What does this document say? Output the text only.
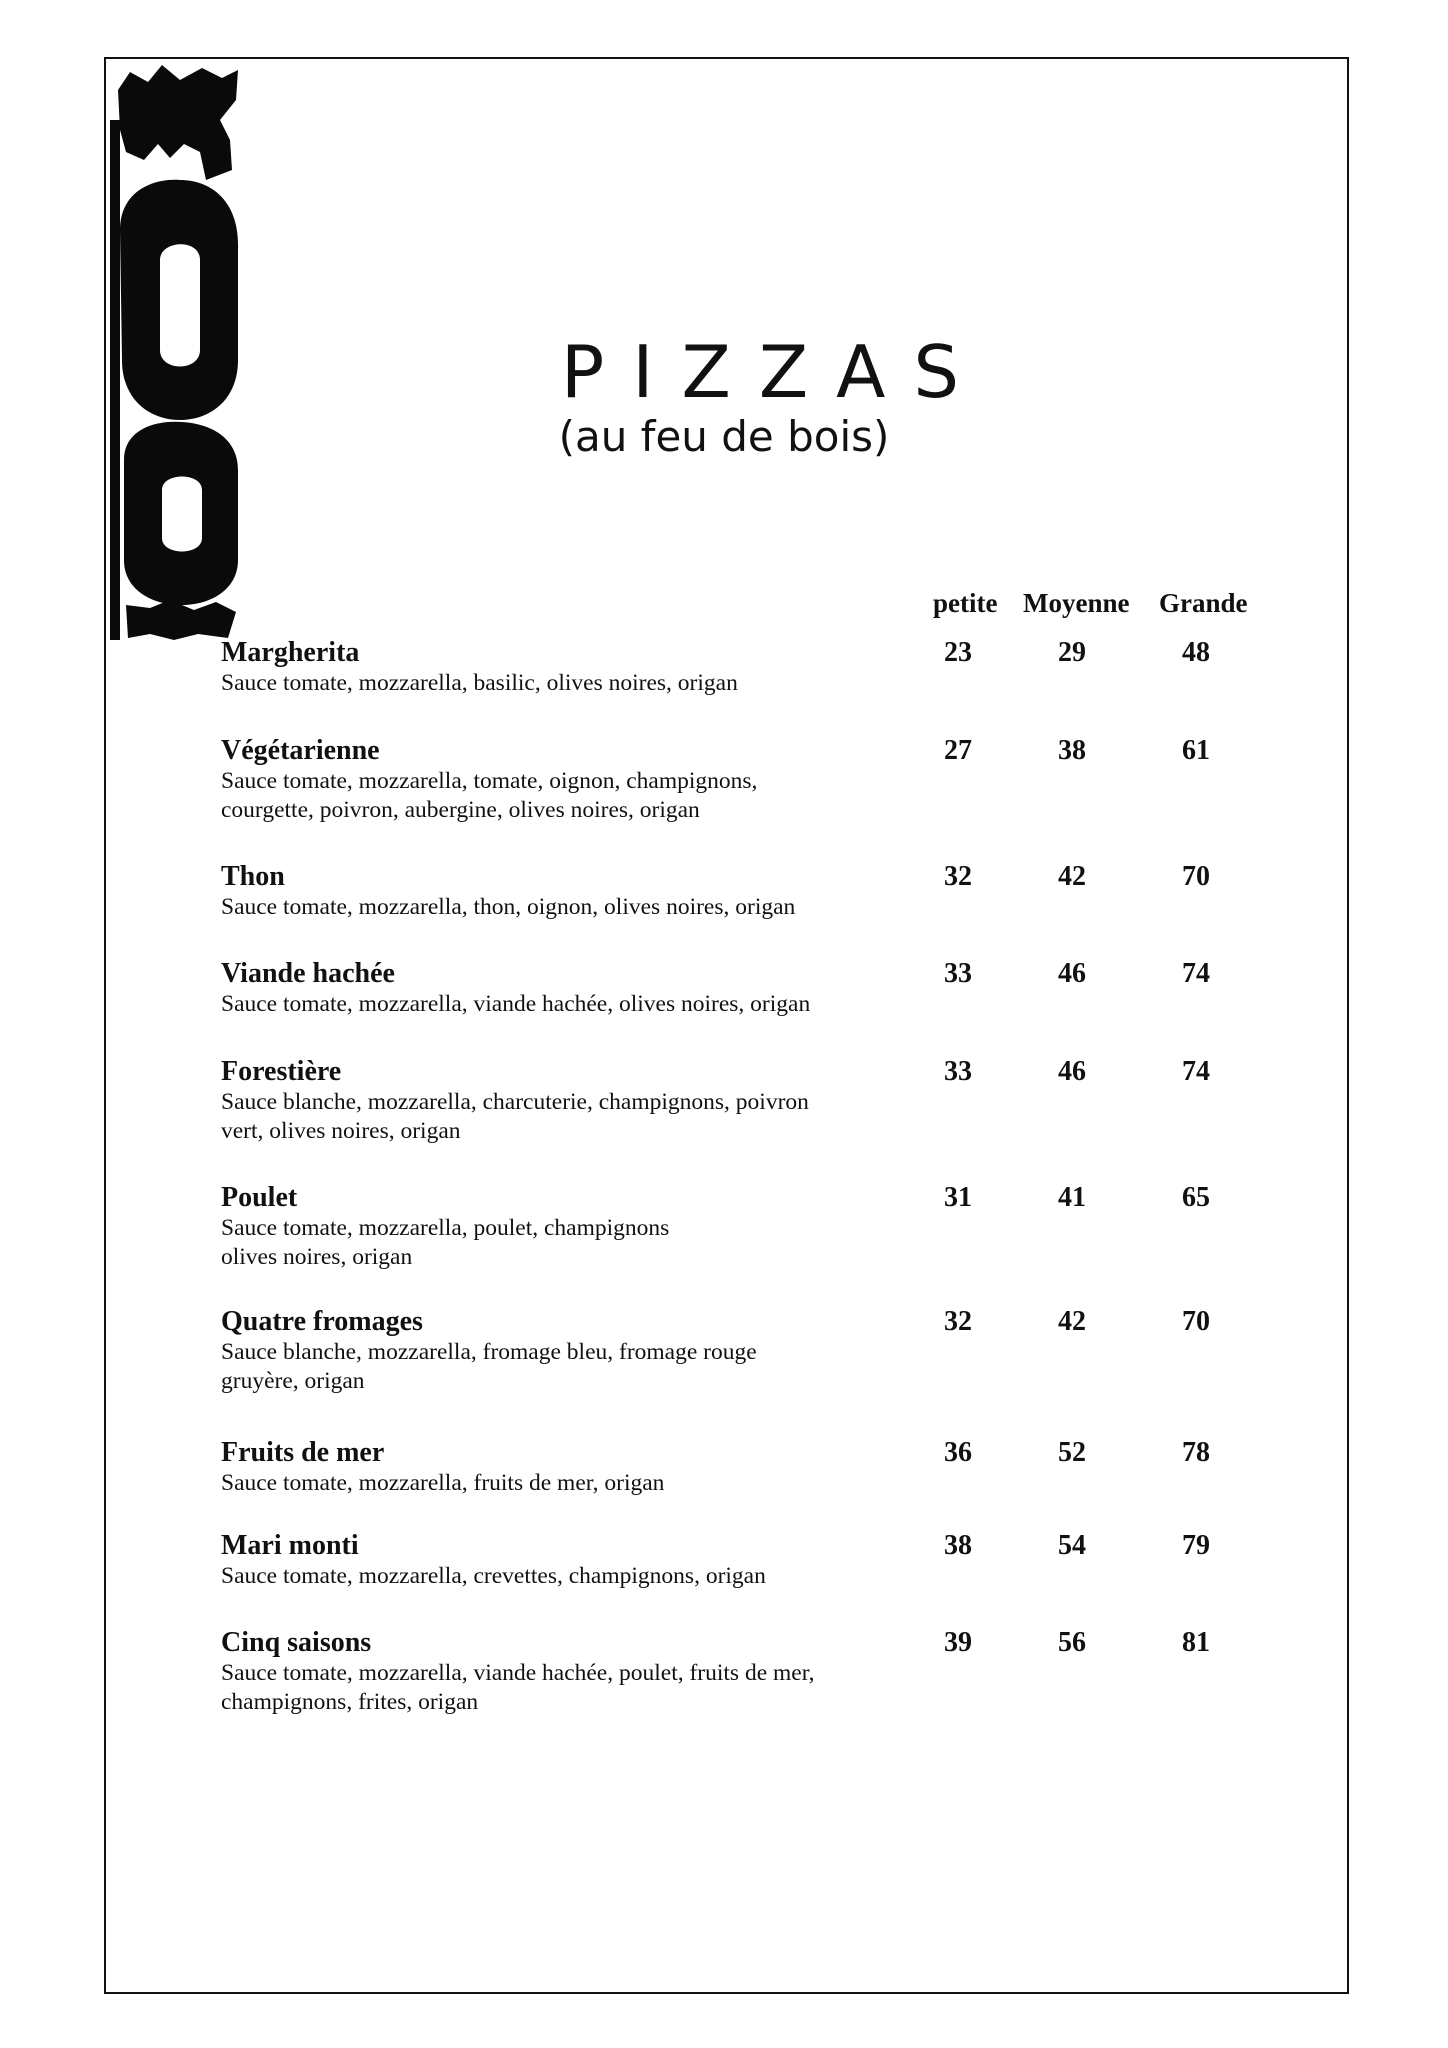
PIZZAS
(au feu de bois)
petite Moyenne Grande
Margherita
Sauce tomate, mozzarella, basilic, olives noires, origan
23	29	48
Végétarienne
Sauce tomate, mozzarella, tomate, oignon, champignons,
courgette, poivron, aubergine, olives noires, origan
27	38	61
Thon
Sauce tomate, mozzarella, thon, oignon, olives noires, origan
32	42	70
Viande hachée
Sauce tomate, mozzarella, viande hachée, olives noires, origan
33	46	74
Forestière
Sauce blanche, mozzarella, charcuterie, champignons, poivron
vert, olives noires, origan
33	46	74
Poulet
Sauce tomate, mozzarella, poulet, champignons
olives noires, origan
31	41	65
Quatre fromages
Sauce blanche, mozzarella, fromage bleu, fromage rouge
gruyère, origan
32	42	70
Fruits de mer
Sauce tomate, mozzarella, fruits de mer, origan
36	52	78
Mari monti
Sauce tomate, mozzarella, crevettes, champignons, origan
38	54	79
Cinq saisons
Sauce tomate, mozzarella, viande hachée, poulet, fruits de mer,
champignons, frites, origan
39	56	81
